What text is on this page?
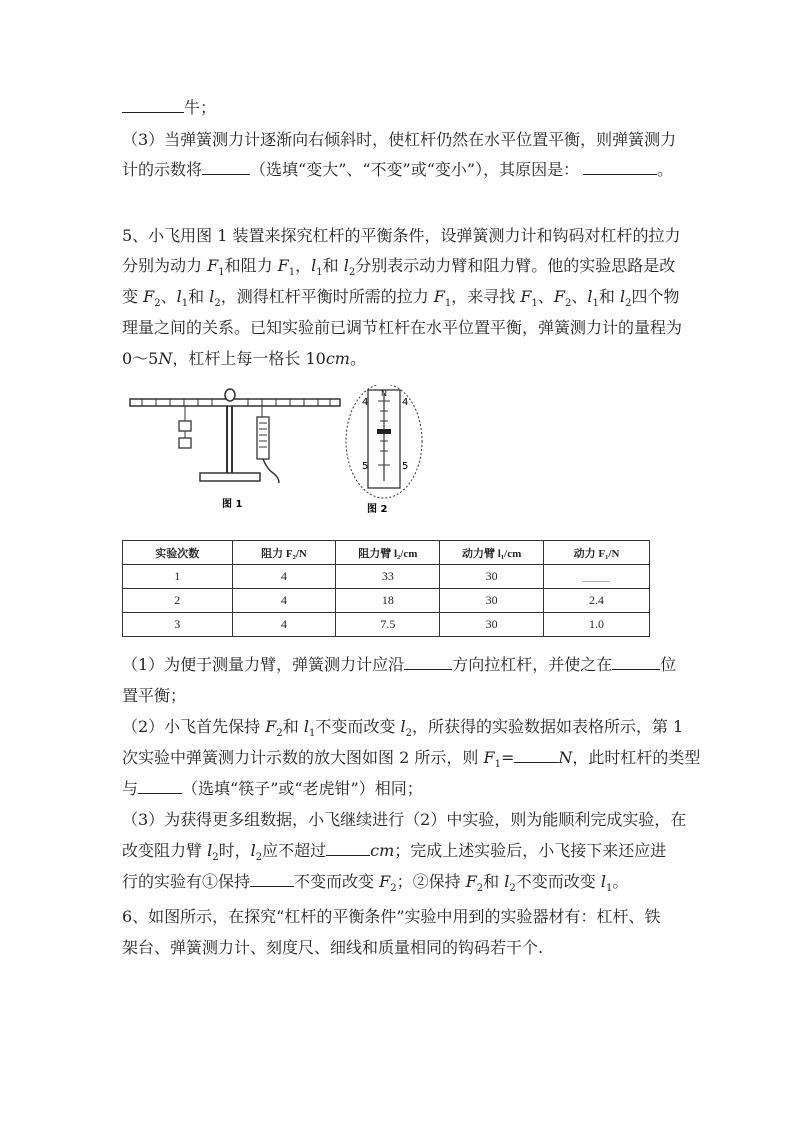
牛；
（3）当弹簧测力计逐渐向右倾斜时，使杠杆仍然在水平位置平衡，则弹簧测力
计的示数将	（选填“变大”、“不变”或“变小”），其原因是：	。
5、小飞用图 1 装置来探究杠杆的平衡条件，设弹簧测力计和钩码对杠杆的拉力
分别为动力 $F_1$和阻力 $F_1$，$l_1$和 $l_2$分别表示动力臂和阻力臂。他的实验思路是改
变 $F_2$、$l_1$和 $l_2$，测得杠杆平衡时所需的拉力 $F_1$，来寻找 $F_1$、$F_2$、$l_1$和 $l_2$四个物
理量之间的关系。已知实验前已调节杠杆在水平位置平衡，弹簧测力计的量程为
0～5N，杠杆上每一格长 10cm。
图 1
4	4
5	5
N
图 2
实验次数	阻力 F₂/N	阻力臂 l₂/cm	动力臂 l₁/cm	动力 F₁/N
1	4	33	30	____
2	4	18	30	2.4
3	4	7.5	30	1.0
（1）为便于测量力臂，弹簧测力计应沿	方向拉杠杆，并使之在	位
置平衡；
（2）小飞首先保持 $F_2$和 $l_1$不变而改变 $l_2$，所获得的实验数据如表格所示，第 1
次实验中弹簧测力计示数的放大图如图 2 所示，则 $F_1=$	N，此时杠杆的类型
与	（选填“筷子”或“老虎钳”）相同；
（3）为获得更多组数据，小飞继续进行（2）中实验，则为能顺利完成实验，在
改变阻力臂 $l_2$时，$l_2$应不超过	cm；完成上述实验后，小飞接下来还应进
行的实验有①保持	不变而改变 $F_2$；②保持 $F_2$和 $l_2$不变而改变 $l_1$。
6、如图所示，在探究“杠杆的平衡条件”实验中用到的实验器材有：杠杆、铁
架台、弹簧测力计、刻度尺、细线和质量相同的钩码若干个.
